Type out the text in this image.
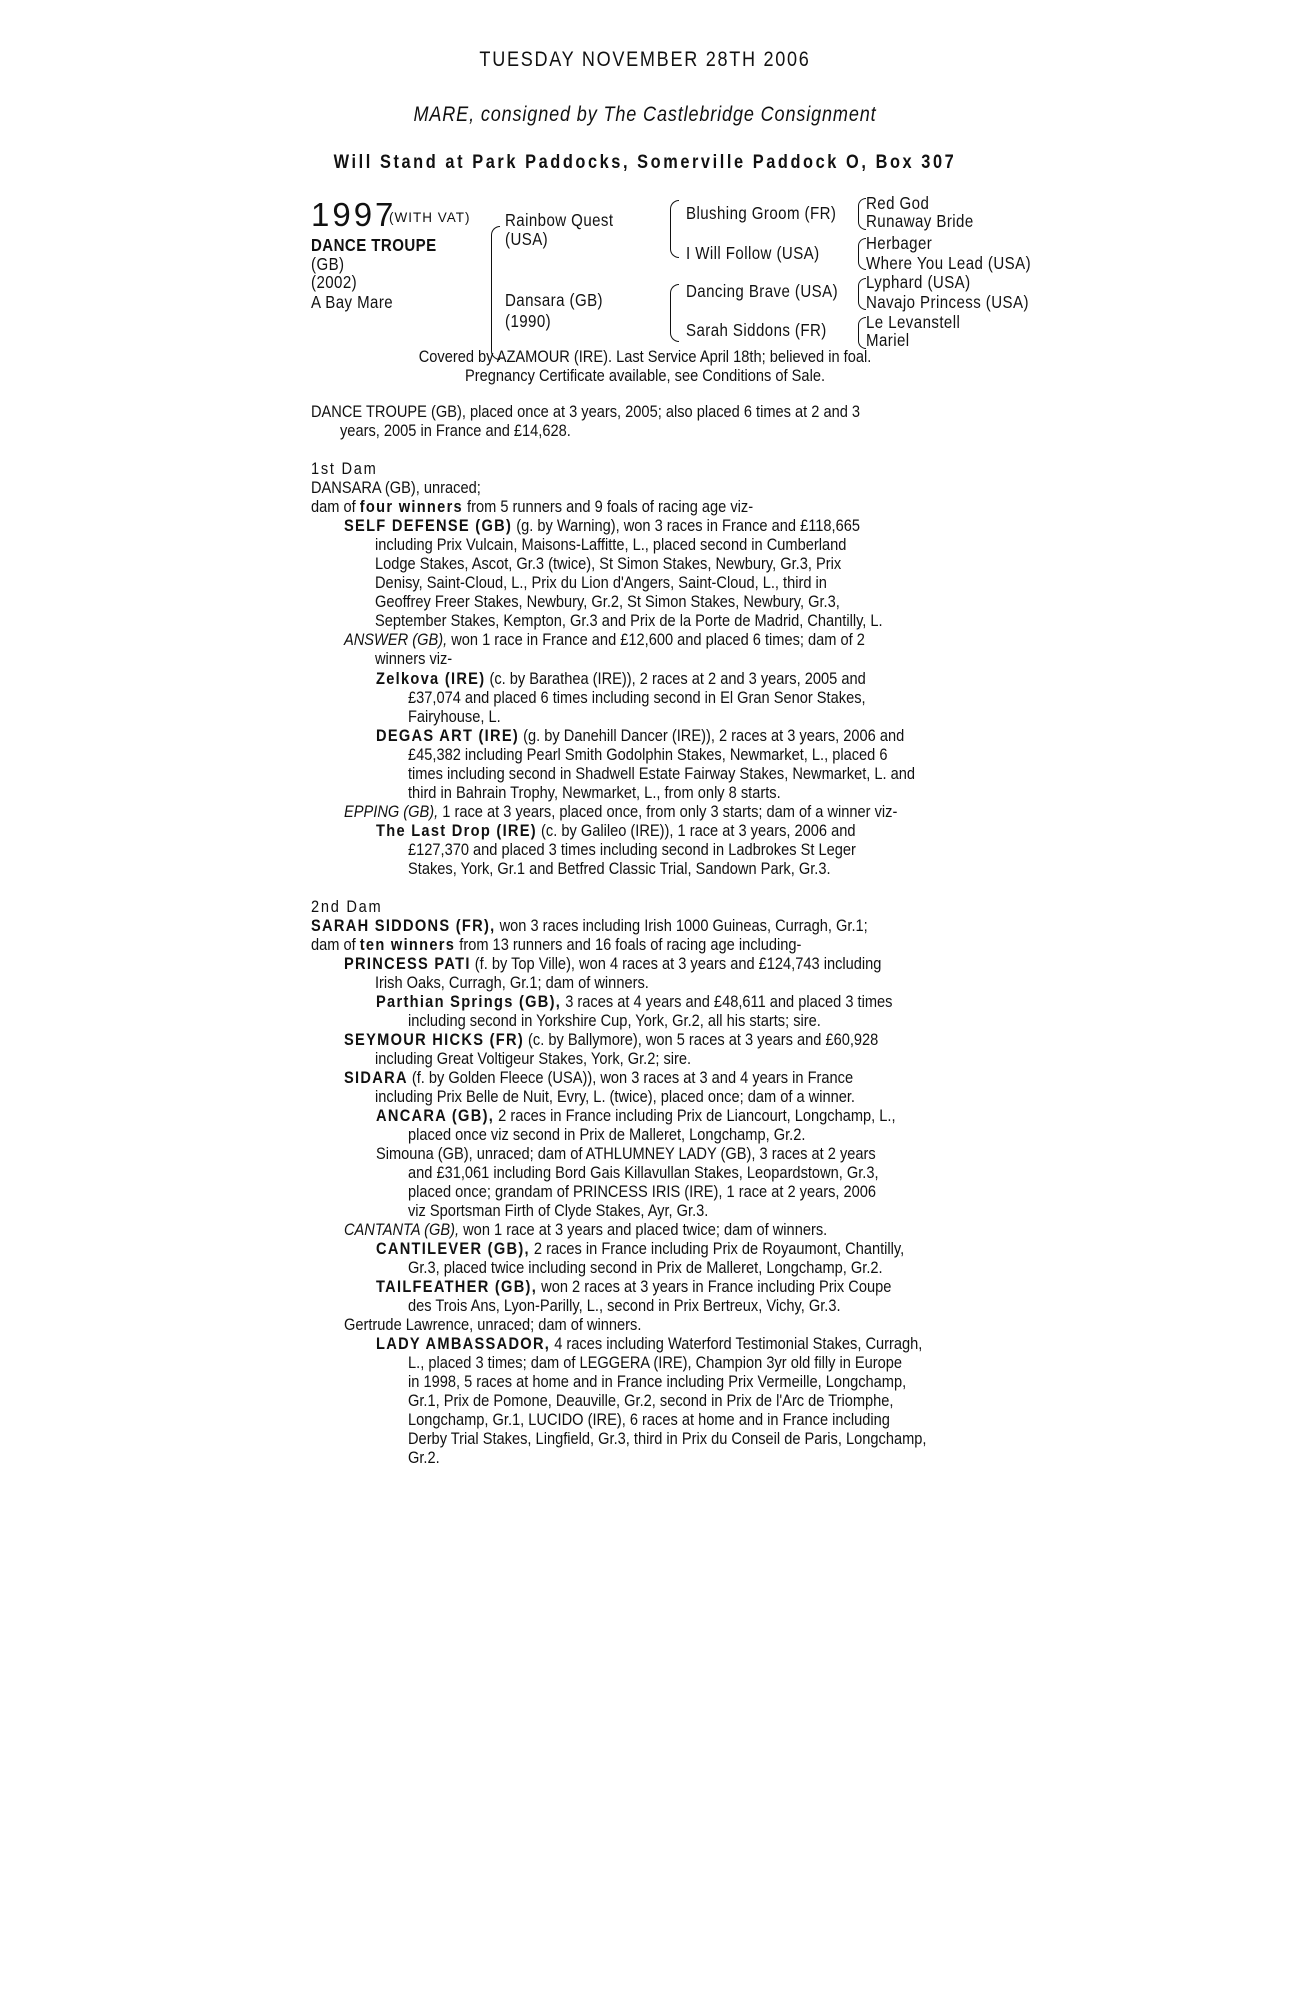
TUESDAY NOVEMBER 28TH 2006
MARE, consigned by The Castlebridge Consignment
Will Stand at Park Paddocks, Somerville Paddock O, Box 307
1997
(WITH VAT)
DANCE TROUPE
(GB)
(2002)
A Bay Mare
Rainbow Quest
(USA)
Dansara (GB)
(1990)
Blushing Groom (FR)
I Will Follow (USA)
Dancing Brave (USA)
Sarah Siddons (FR)
Red God
Runaway Bride
Herbager
Where You Lead (USA)
Lyphard (USA)
Navajo Princess (USA)
Le Levanstell
Mariel
Covered by AZAMOUR (IRE). Last Service April 18th; believed in foal.
Pregnancy Certificate available, see Conditions of Sale.
DANCE TROUPE (GB), placed once at 3 years, 2005; also placed 6 times at 2 and 3
years, 2005 in France and £14,628.
1st Dam
DANSARA (GB), unraced;
dam of four winners from 5 runners and 9 foals of racing age viz-
SELF DEFENSE (GB) (g. by Warning), won 3 races in France and £118,665
including Prix Vulcain, Maisons-Laffitte, L., placed second in Cumberland
Lodge Stakes, Ascot, Gr.3 (twice), St Simon Stakes, Newbury, Gr.3, Prix
Denisy, Saint-Cloud, L., Prix du Lion d'Angers, Saint-Cloud, L., third in
Geoffrey Freer Stakes, Newbury, Gr.2, St Simon Stakes, Newbury, Gr.3,
September Stakes, Kempton, Gr.3 and Prix de la Porte de Madrid, Chantilly, L.
ANSWER (GB), won 1 race in France and £12,600 and placed 6 times; dam of 2
winners viz-
Zelkova (IRE) (c. by Barathea (IRE)), 2 races at 2 and 3 years, 2005 and
£37,074 and placed 6 times including second in El Gran Senor Stakes,
Fairyhouse, L.
DEGAS ART (IRE) (g. by Danehill Dancer (IRE)), 2 races at 3 years, 2006 and
£45,382 including Pearl Smith Godolphin Stakes, Newmarket, L., placed 6
times including second in Shadwell Estate Fairway Stakes, Newmarket, L. and
third in Bahrain Trophy, Newmarket, L., from only 8 starts.
EPPING (GB), 1 race at 3 years, placed once, from only 3 starts; dam of a winner viz-
The Last Drop (IRE) (c. by Galileo (IRE)), 1 race at 3 years, 2006 and
£127,370 and placed 3 times including second in Ladbrokes St Leger
Stakes, York, Gr.1 and Betfred Classic Trial, Sandown Park, Gr.3.
2nd Dam
SARAH SIDDONS (FR), won 3 races including Irish 1000 Guineas, Curragh, Gr.1;
dam of ten winners from 13 runners and 16 foals of racing age including-
PRINCESS PATI (f. by Top Ville), won 4 races at 3 years and £124,743 including
Irish Oaks, Curragh, Gr.1; dam of winners.
Parthian Springs (GB), 3 races at 4 years and £48,611 and placed 3 times
including second in Yorkshire Cup, York, Gr.2, all his starts; sire.
SEYMOUR HICKS (FR) (c. by Ballymore), won 5 races at 3 years and £60,928
including Great Voltigeur Stakes, York, Gr.2; sire.
SIDARA (f. by Golden Fleece (USA)), won 3 races at 3 and 4 years in France
including Prix Belle de Nuit, Evry, L. (twice), placed once; dam of a winner.
ANCARA (GB), 2 races in France including Prix de Liancourt, Longchamp, L.,
placed once viz second in Prix de Malleret, Longchamp, Gr.2.
Simouna (GB), unraced; dam of ATHLUMNEY LADY (GB), 3 races at 2 years
and £31,061 including Bord Gais Killavullan Stakes, Leopardstown, Gr.3,
placed once; grandam of PRINCESS IRIS (IRE), 1 race at 2 years, 2006
viz Sportsman Firth of Clyde Stakes, Ayr, Gr.3.
CANTANTA (GB), won 1 race at 3 years and placed twice; dam of winners.
CANTILEVER (GB), 2 races in France including Prix de Royaumont, Chantilly,
Gr.3, placed twice including second in Prix de Malleret, Longchamp, Gr.2.
TAILFEATHER (GB), won 2 races at 3 years in France including Prix Coupe
des Trois Ans, Lyon-Parilly, L., second in Prix Bertreux, Vichy, Gr.3.
Gertrude Lawrence, unraced; dam of winners.
LADY AMBASSADOR, 4 races including Waterford Testimonial Stakes, Curragh,
L., placed 3 times; dam of LEGGERA (IRE), Champion 3yr old filly in Europe
in 1998, 5 races at home and in France including Prix Vermeille, Longchamp,
Gr.1, Prix de Pomone, Deauville, Gr.2, second in Prix de l'Arc de Triomphe,
Longchamp, Gr.1, LUCIDO (IRE), 6 races at home and in France including
Derby Trial Stakes, Lingfield, Gr.3, third in Prix du Conseil de Paris, Longchamp,
Gr.2.
